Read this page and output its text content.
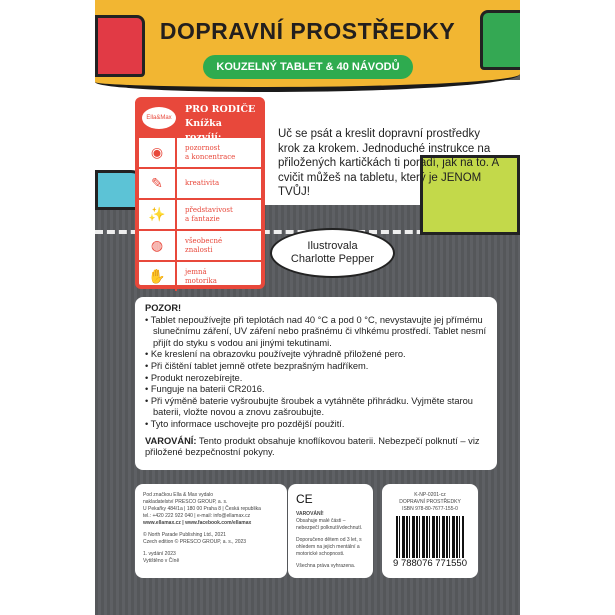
DOPRAVNÍ PROSTŘEDKY
KOUZELNÝ TABLET & 40 NÁVODŮ
Uč se psát a kreslit dopravní prostředky krok za krokem. Jednoduché instrukce na přiložených kartičkách ti poradí, jak na to. A cvičit můžeš na tabletu, který je JENOM TVŮJ!
Ilustrovala
Charlotte Pepper
Ella&Max
PRO RODIČE
Knížka rozvíjí:
◉	pozornost
a koncentrace
✎	kreativita

✨	představivost
a fantazie
◍	všeobecné
znalosti
✋	jemná
motorika
POZOR!
• Tablet nepoužívejte při teplotách nad 40 °C a pod 0 °C, nevystavujte jej přímému slunečnímu záření, UV záření nebo prašnému či vlhkému prostředí. Tablet nesmí přijít do styku s vodou ani jinými tekutinami.
• Ke kreslení na obrazovku používejte výhradně přiložené pero.
• Při čištění tablet jemně otřete bezprašným hadříkem.
• Produkt nerozebírejte.
• Funguje na baterii CR2016.
• Při výměně baterie vyšroubujte šroubek a vytáhněte přihrádku. Vyjměte starou baterii, vložte novou a znovu zašroubujte.
• Tyto informace uschovejte pro pozdější použití.
VAROVÁNÍ: Tento produkt obsahuje knoflíkovou baterii. Nebezpečí polknutí – viz přiložené bezpečnostní pokyny.

Pod značkou Ella & Max vydalo
nakladatelství PRESCO GROUP, a. s.
U Pekařky 484/1a | 180 00 Praha 8 | Česká republika
tel.: +420 222 922 040 | e-mail: info@ellamax.cz
www.ellamax.cz | www.facebook.com/ellamax

© North Parade Publishing Ltd., 2021
Czech edition © PRESCO GROUP, a. s., 2023

1. vydání 2023
Vytištěno v Číně

CE

VAROVÁNÍ!
Obsahuje malé části – nebezpečí polknutí/vdechnutí.

Doporučeno dětem od 3 let, s ohledem na jejich mentální a motorické schopnosti.

Všechna práva vyhrazena.

K-NP-0201-cz
DOPRAVNÍ PROSTŘEDKY
ISBN 978-80-7677-155-0
9 788076 771550
